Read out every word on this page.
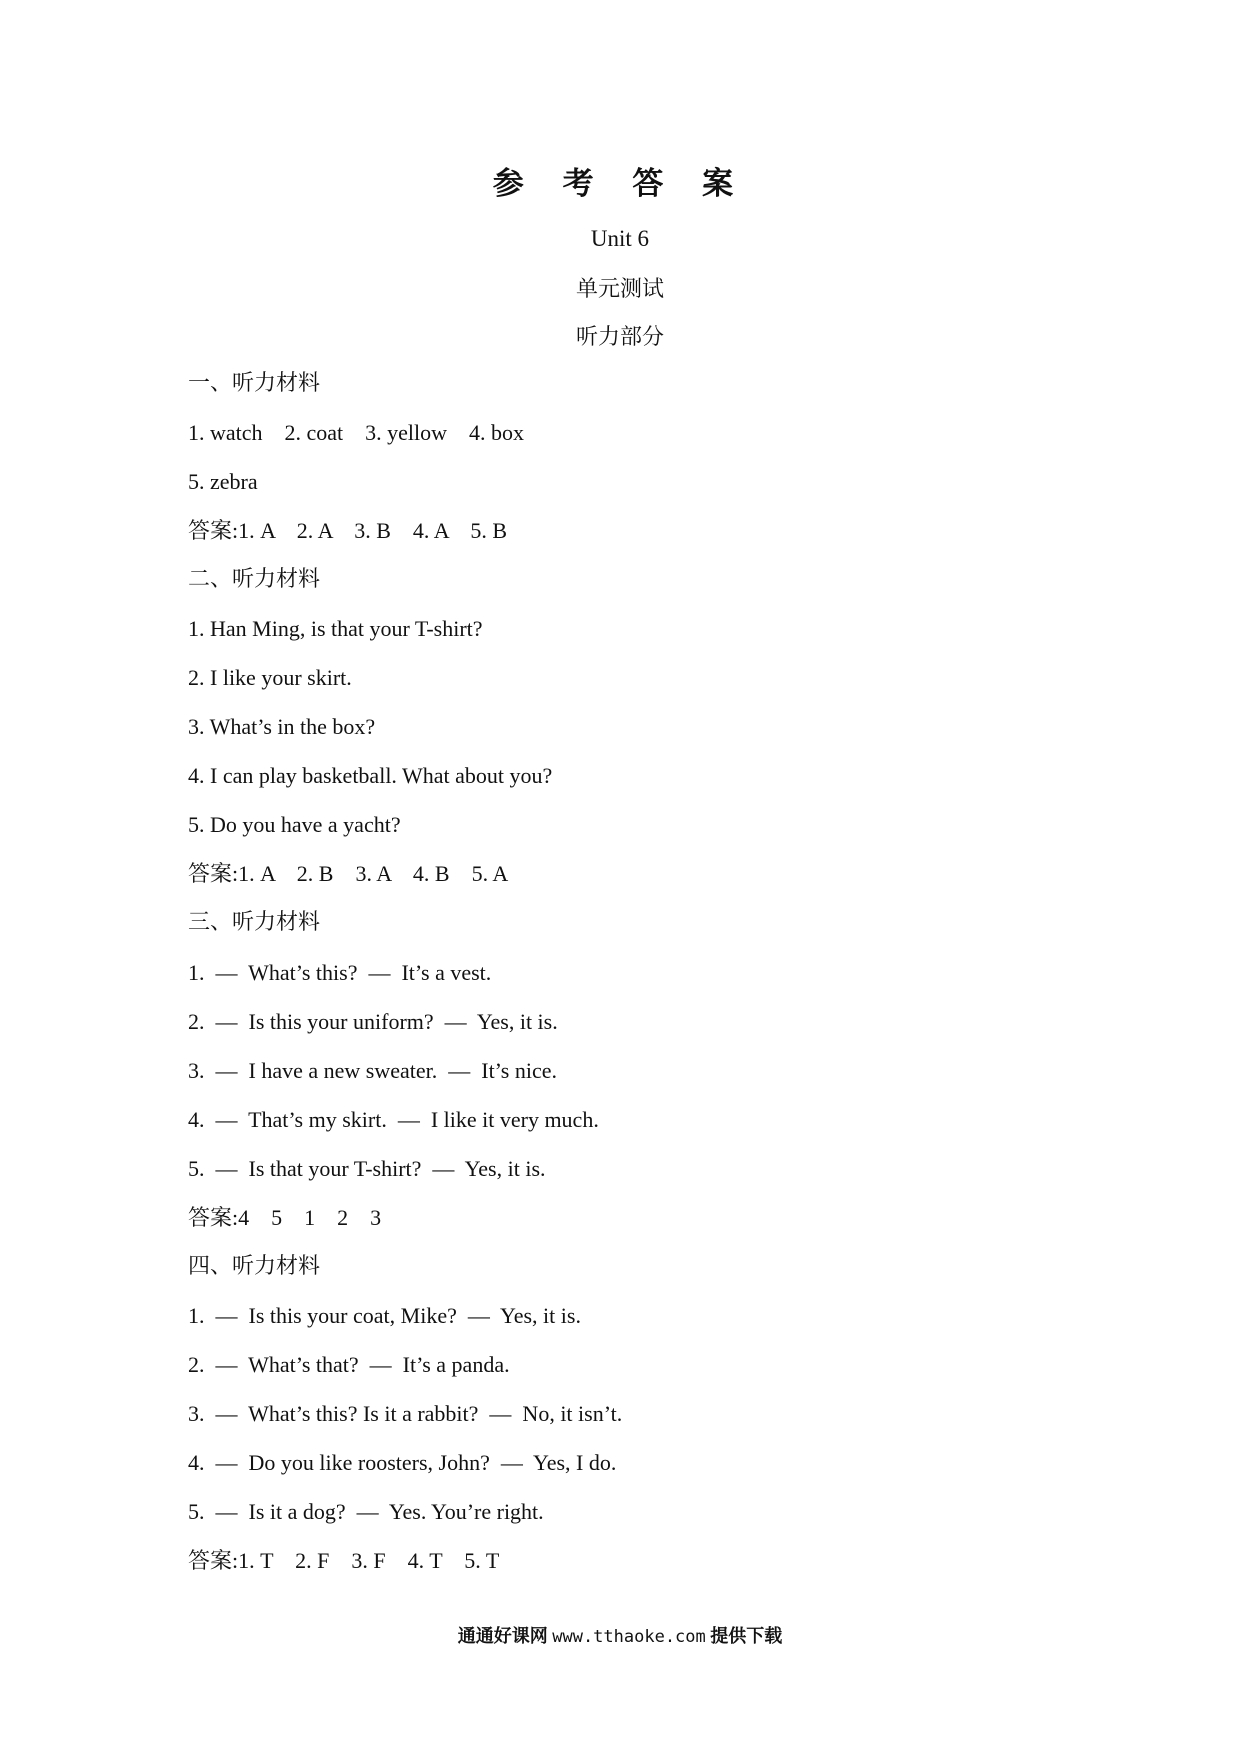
参 考 答 案
Unit 6
单元测试
听力部分
一、听力材料
1. watch    2. coat    3. yellow    4. box
5. zebra
答案:1. A    2. A    3. B    4. A    5. B
二、听力材料
1. Han Ming, is that your T-shirt?
2. I like your skirt.
3. What’s in the box?
4. I can play basketball. What about you?
5. Do you have a yacht?
答案:1. A    2. B    3. A    4. B    5. A
三、听力材料
1.  —  What’s this?  —  It’s a vest.
2.  —  Is this your uniform?  —  Yes, it is.
3.  —  I have a new sweater.  —  It’s nice.
4.  —  That’s my skirt.  —  I like it very much.
5.  —  Is that your T-shirt?  —  Yes, it is.
答案:4    5    1    2    3
四、听力材料
1.  —  Is this your coat, Mike?  —  Yes, it is.
2.  —  What’s that?  —  It’s a panda.
3.  —  What’s this? Is it a rabbit?  —  No, it isn’t.
4.  —  Do you like roosters, John?  —  Yes, I do.
5.  —  Is it a dog?  —  Yes. You’re right.
答案:1. T    2. F    3. F    4. T    5. T
通通好课网 www.tthaoke.com 提供下载
